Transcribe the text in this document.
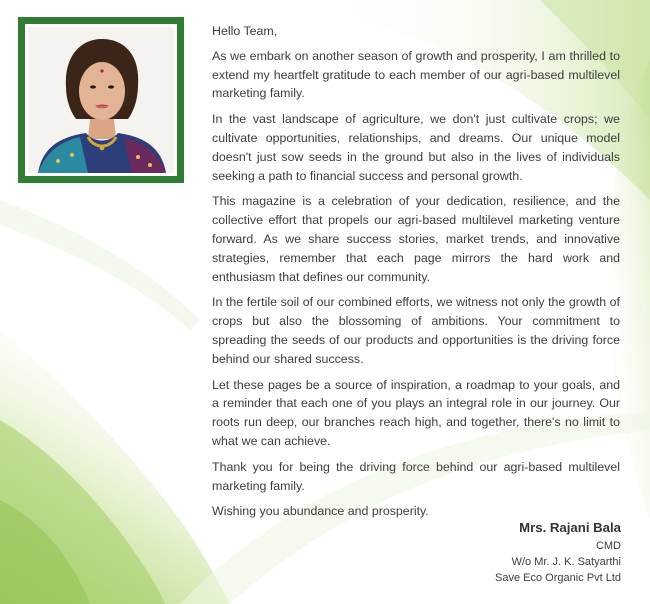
Hello Team,

As we embark on another season of growth and prosperity, I am thrilled to extend my heartfelt gratitude to each member of our agri-based multilevel marketing family.

In the vast landscape of agriculture, we don't just cultivate crops; we cultivate opportunities, relationships, and dreams. Our unique model doesn't just sow seeds in the ground but also in the lives of individuals seeking a path to financial success and personal growth.

This magazine is a celebration of your dedication, resilience, and the collective effort that propels our agri-based multilevel marketing venture forward. As we share success stories, market trends, and innovative strategies, remember that each page mirrors the hard work and enthusiasm that defines our community.

In the fertile soil of our combined efforts, we witness not only the growth of crops but also the blossoming of ambitions. Your commitment to spreading the seeds of our products and opportunities is the driving force behind our shared success.

Let these pages be a source of inspiration, a roadmap to your goals, and a reminder that each one of you plays an integral role in our journey. Our roots run deep, our branches reach high, and together, there's no limit to what we can achieve.

Thank you for being the driving force behind our agri-based multilevel marketing family.

Wishing you abundance and prosperity.

Mrs. Rajani Bala
CMD
W/o Mr. J. K. Satyarthi
Save Eco Organic Pvt Ltd
